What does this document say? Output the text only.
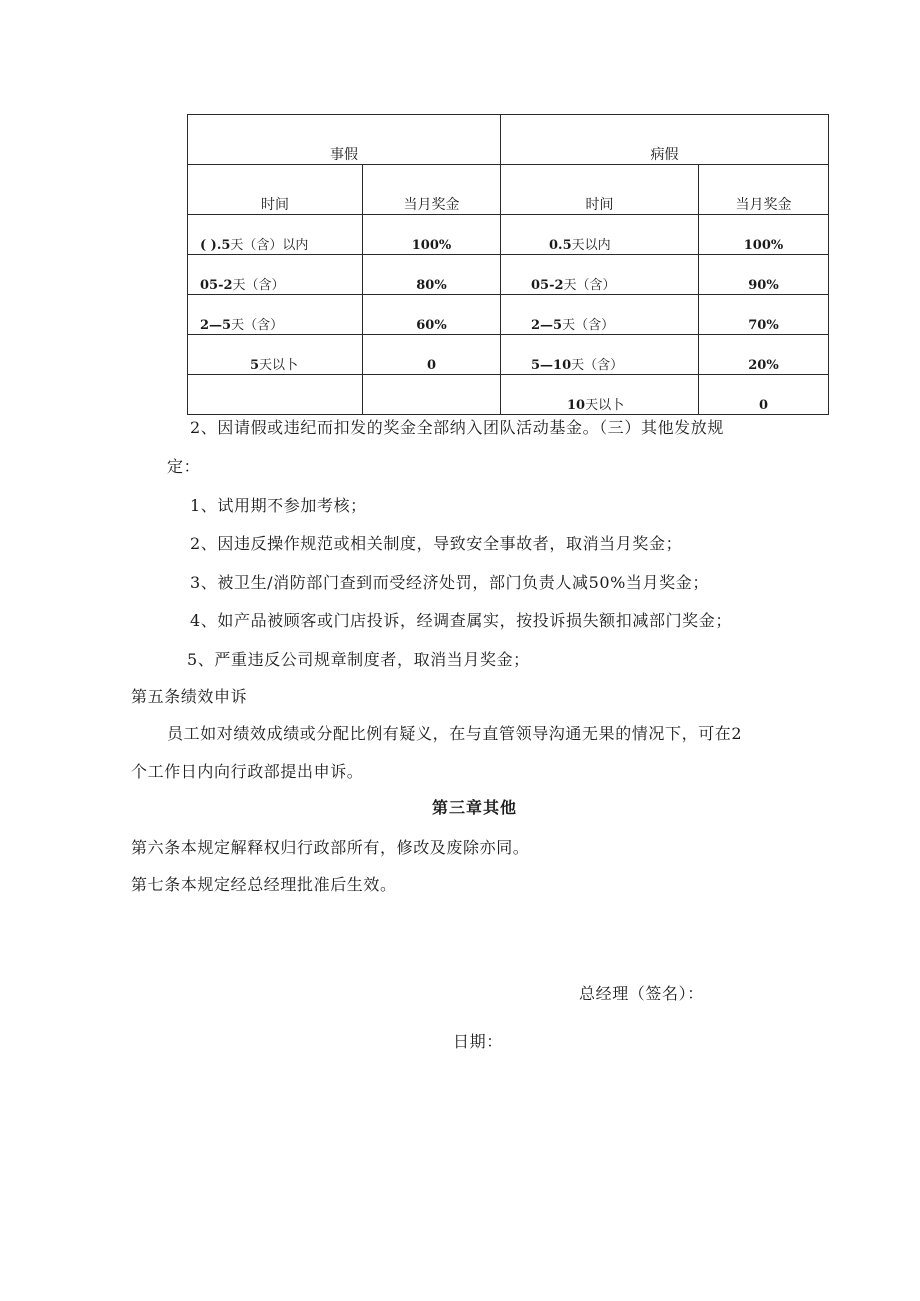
事假		病假	
时间	当月奖金	时间	当月奖金
( ).5天（含）以内	100%	0.5天以内	100%
05-2天（含）	80%	05-2天（含）	90%
2—5天（含）	60%	2—5天（含）	70%
5天以卜	0	5—10天（含）	20%
		10天以卜	0
2、因请假或违纪而扣发的奖金全部纳入团队活动基金。（三）其他发放规
定：
1、试用期不参加考核；
2、因违反操作规范或相关制度，导致安全事故者，取消当月奖金；
3、被卫生/消防部门查到而受经济处罚，部门负责人减50%当月奖金；
4、如产品被顾客或门店投诉，经调查属实，按投诉损失额扣减部门奖金；
5、严重违反公司规章制度者，取消当月奖金；
第五条绩效申诉
员工如对绩效成绩或分配比例有疑义，在与直管领导沟通无果的情况下，可在2
个工作日内向行政部提出申诉。
第三章其他
第六条本规定解释权归行政部所有，修改及废除亦同。
第七条本规定经总经理批准后生效。
总经理（签名）：
日期：
